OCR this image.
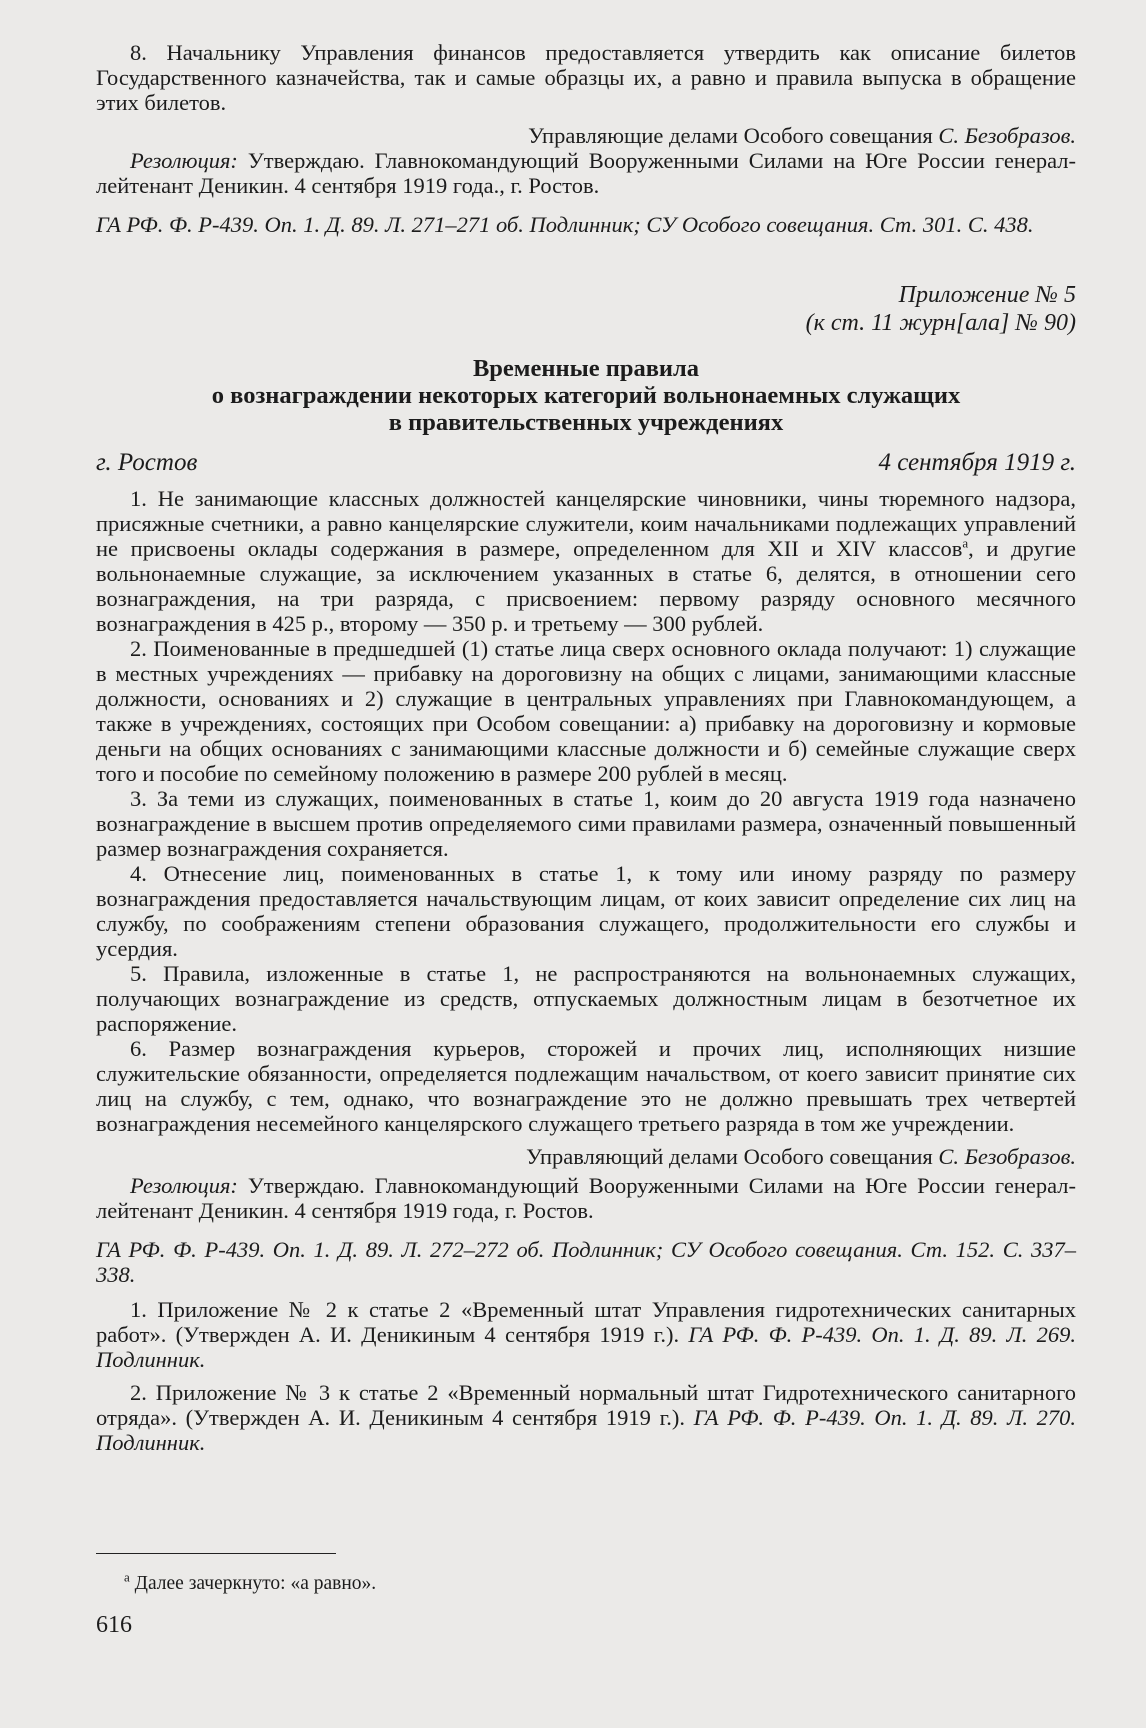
8. Начальнику Управления финансов предоставляется утвердить как описание билетов Государственного казначейства, так и самые образцы их, а равно и правила выпуска в обращение этих билетов.

Управляющие делами Особого совещания С. Безобразов.

Резолюция: Утверждаю. Главнокомандующий Вооруженными Силами на Юге России генерал-лейтенант Деникин. 4 сентября 1919 года., г. Ростов.

ГА РФ. Ф. Р-439. Оп. 1. Д. 89. Л. 271–271 об. Подлинник; СУ Особого совещания. Ст. 301. С. 438.

Приложение № 5

(к ст. 11 журн[ала] № 90)

Временные правила
о вознаграждении некоторых категорий вольнонаемных служащих
в правительственных учреждениях
г. Ростов	4 сентября 1919 г.

1. Не занимающие классных должностей канцелярские чиновники, чины тюремного надзора, присяжные счетники, а равно канцелярские служители, коим начальниками подлежащих управлений не присвоены оклады содержания в размере, определенном для XII и XIV классов$^а$, и другие вольнонаемные служащие, за исключением указанных в статье 6, делятся, в отношении сего вознаграждения, на три разряда, с присвоением: первому разряду основного месячного вознаграждения в 425 р., второму — 350 р. и третьему — 300 рублей.

2. Поименованные в предшедшей (1) статье лица сверх основного оклада получают: 1) служащие в местных учреждениях — прибавку на дороговизну на общих с лицами, занимающими классные должности, основаниях и 2) служащие в центральных управлениях при Главнокомандующем, а также в учреждениях, состоящих при Особом совещании: а) прибавку на дороговизну и кормовые деньги на общих основаниях с занимающими классные должности и б) семейные служащие сверх того и пособие по семейному положению в размере 200 рублей в месяц.

3. За теми из служащих, поименованных в статье 1, коим до 20 августа 1919 года назначено вознаграждение в высшем против определяемого сими правилами размера, означенный повышенный размер вознаграждения сохраняется.

4. Отнесение лиц, поименованных в статье 1, к тому или иному разряду по размеру вознаграждения предоставляется начальствующим лицам, от коих зависит определение сих лиц на службу, по соображениям степени образования служащего, продолжительности его службы и усердия.

5. Правила, изложенные в статье 1, не распространяются на вольнонаемных служащих, получающих вознаграждение из средств, отпускаемых должностным лицам в безотчетное их распоряжение.

6. Размер вознаграждения курьеров, сторожей и прочих лиц, исполняющих низшие служительские обязанности, определяется подлежащим начальством, от коего зависит принятие сих лиц на службу, с тем, однако, что вознаграждение это не должно превышать трех четвертей вознаграждения несемейного канцелярского служащего третьего разряда в том же учреждении.

Управляющий делами Особого совещания С. Безобразов.

Резолюция: Утверждаю. Главнокомандующий Вооруженными Силами на Юге России генерал-лейтенант Деникин. 4 сентября 1919 года, г. Ростов.

ГА РФ. Ф. Р-439. Оп. 1. Д. 89. Л. 272–272 об. Подлинник; СУ Особого совещания. Ст. 152. С. 337–338.

1. Приложение № 2 к статье 2 «Временный штат Управления гидротехнических санитарных работ». (Утвержден А. И. Деникиным 4 сентября 1919 г.). ГА РФ. Ф. Р-439. Оп. 1. Д. 89. Л. 269. Подлинник.

2. Приложение № 3 к статье 2 «Временный нормальный штат Гидротехнического санитарного отряда». (Утвержден А. И. Деникиным 4 сентября 1919 г.). ГА РФ. Ф. Р-439. Оп. 1. Д. 89. Л. 270. Подлинник.

$^а$ Далее зачеркнуто: «а равно».
616
